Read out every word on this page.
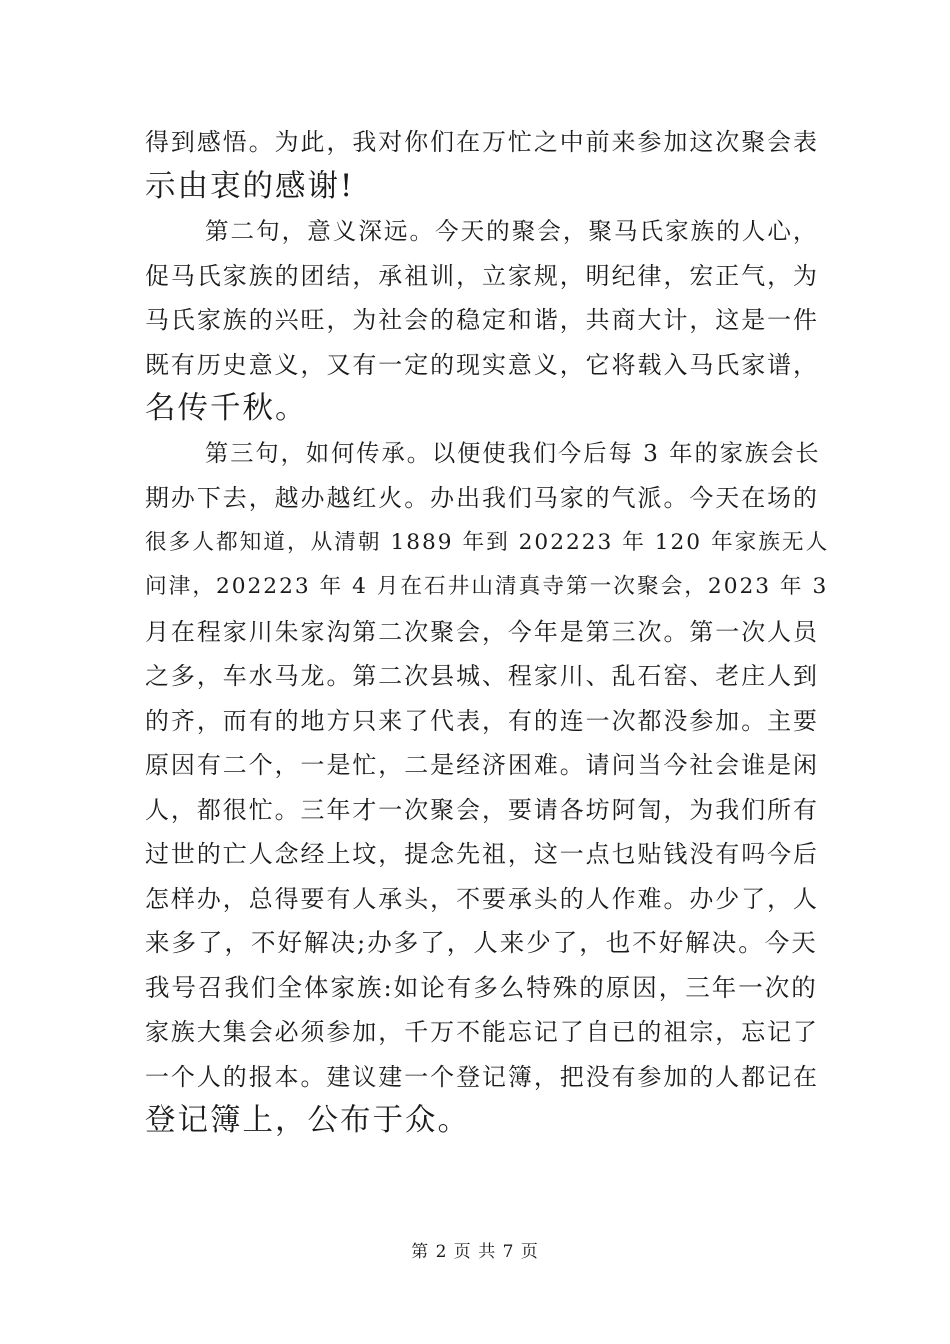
得到感悟。为此，我对你们在万忙之中前来参加这次聚会表
示由衷的感谢!
第二句，意义深远。今天的聚会，聚马氏家族的人心，
促马氏家族的团结，承祖训，立家规，明纪律，宏正气，为
马氏家族的兴旺，为社会的稳定和谐，共商大计，这是一件
既有历史意义，又有一定的现实意义，它将载入马氏家谱，
名传千秋。
第三句，如何传承。以便使我们今后每 3 年的家族会长
期办下去，越办越红火。办出我们马家的气派。今天在场的
很多人都知道，从清朝 1889 年到 202223 年 120 年家族无人
问津，202223 年 4 月在石井山清真寺第一次聚会，2023 年 3
月在程家川朱家沟第二次聚会，今年是第三次。第一次人员
之多，车水马龙。第二次县城、程家川、乱石窑、老庄人到
的齐，而有的地方只来了代表，有的连一次都没参加。主要
原因有二个，一是忙，二是经济困难。请问当今社会谁是闲
人，都很忙。三年才一次聚会，要请各坊阿訇，为我们所有
过世的亡人念经上坟，提念先祖，这一点乜贴钱没有吗今后
怎样办，总得要有人承头，不要承头的人作难。办少了，人
来多了，不好解决;办多了，人来少了，也不好解决。今天
我号召我们全体家族:如论有多么特殊的原因，三年一次的
家族大集会必须参加，千万不能忘记了自已的祖宗，忘记了
一个人的报本。建议建一个登记簿，把没有参加的人都记在
登记簿上，公布于众。
第 2 页 共 7 页
